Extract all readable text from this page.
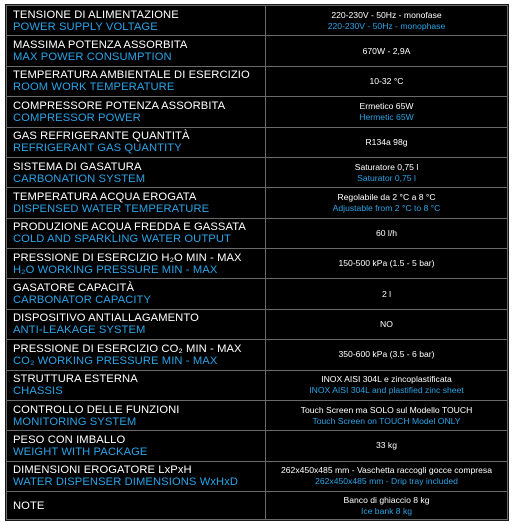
TENSIONE DI ALIMENTAZIONE
POWER SUPPLY VOLTAGE	220-230V - 50Hz - monofase
220-230V - 50Hz - monophase

MASSIMA POTENZA ASSORBITA
MAX POWER CONSUMPTION	670W - 2,9A

TEMPERATURA AMBIENTALE DI ESERCIZIO
ROOM WORK TEMPERATURE	10-32 °C

COMPRESSORE POTENZA ASSORBITA
COMPRESSOR POWER	Ermetico 65W
Hermetic 65W

GAS REFRIGERANTE QUANTITÀ
REFRIGERANT GAS QUANTITY	R134a 98g

SISTEMA DI GASATURA
CARBONATION SYSTEM	Saturatore 0,75 l
Saturator 0,75 l

TEMPERATURA ACQUA EROGATA
DISPENSED WATER TEMPERATURE	Regolabile da 2 °C a 8 °C
Adjustable from 2 °C to 8 °C

PRODUZIONE ACQUA FREDDA E GASSATA
COLD AND SPARKLING WATER OUTPUT	60 l/h

PRESSIONE DI ESERCIZIO H₂O MIN - MAX
H₂O WORKING PRESSURE MIN - MAX	150-500 kPa (1.5 - 5 bar)

GASATORE CAPACITÀ
CARBONATOR CAPACITY	2 l

DISPOSITIVO ANTIALLAGAMENTO
ANTI-LEAKAGE SYSTEM	NO

PRESSIONE DI ESERCIZIO CO₂ MIN - MAX
CO₂ WORKING PRESSURE MIN - MAX	350-600 kPa (3.5 - 6 bar)

STRUTTURA ESTERNA
CHASSIS	INOX AISI 304L e zincoplastificata
INOX AISI 304L and plastified zinc sheet

CONTROLLO DELLE FUNZIONI
MONITORING SYSTEM	Touch Screen ma SOLO sul Modello TOUCH
Touch Screen on TOUCH Model ONLY

PESO CON IMBALLO
WEIGHT WITH PACKAGE	33 kg

DIMENSIONI EROGATORE LxPxH
WATER DISPENSER DIMENSIONS WxHxD	262x450x485 mm - Vaschetta raccogli gocce compresa
262x450x485 mm - Drip tray included

NOTE	Banco di ghiaccio 8 kg
Ice bank 8 kg
